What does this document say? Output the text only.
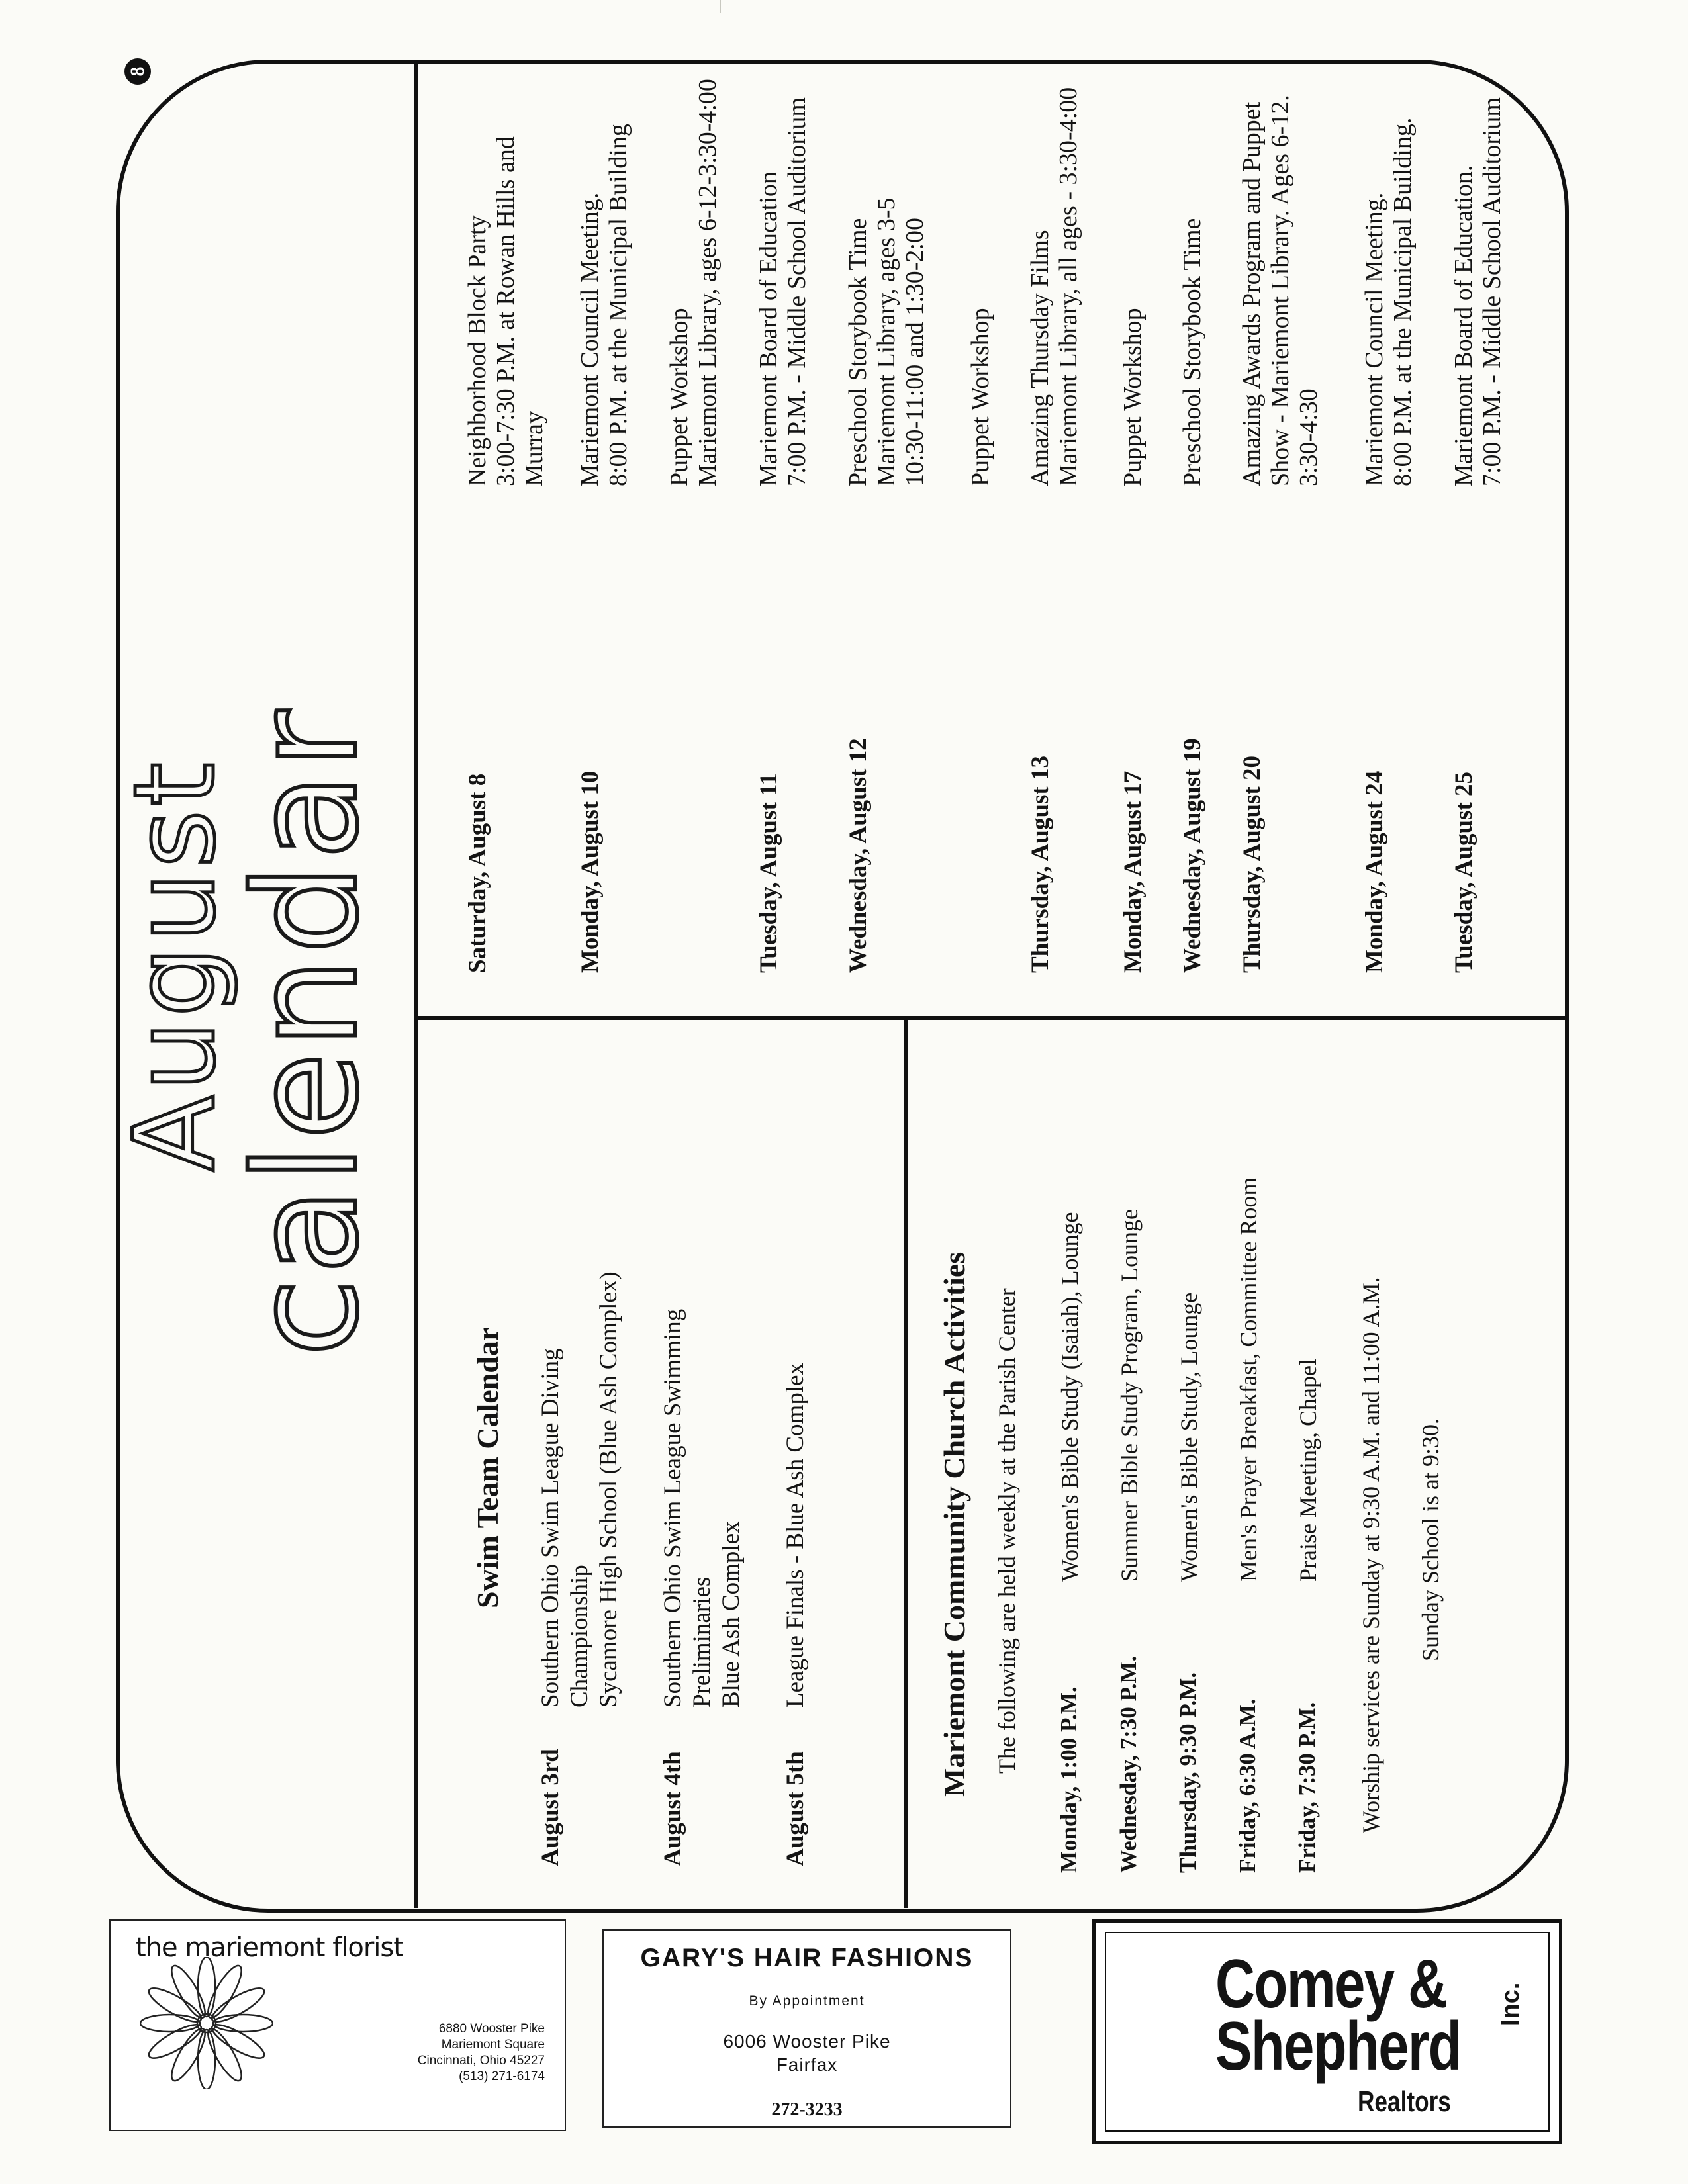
8
August
calendar	Saturday, August 8
Neighborhood Block Party 3:00-7:30 P.M. at Rowan Hills and Murray
Monday, August 10
Mariemont Council Meeting. 8:00 P.M. at the Municipal Building Puppet Workshop Mariemont Library, ages 6-12-3:30-4:00
Tuesday, August 11
Mariemont Board of Education 7:00 P.M. - Middle School Auditorium
Wednesday, August 12
Preschool Storybook Time Mariemont Library, ages 3-5 10:30-11:00 and 1:30-2:00 Puppet Workshop
Thursday, August 13
Amazing Thursday Films Mariemont Library, all ages - 3:30-4:00
Monday, August 17
Puppet Workshop
Wednesday, August 19
Preschool Storybook Time
Thursday, August 20
Amazing Awards Program and Puppet Show - Mariemont Library. Ages 6-12. 3:30-4:30
Monday, August 24
Mariemont Council Meeting. 8:00 P.M. at the Municipal Building.
Tuesday, August 25
Mariemont Board of Education. 7:00 P.M. - Middle School Auditorium
Swim Team Calendar
August 3rd
Southern Ohio Swim League Diving Championship Sycamore High School (Blue Ash Complex)
August 4th
Southern Ohio Swim League Swimming Preliminaries Blue Ash Complex
August 5th
League Finals - Blue Ash Complex	Mariemont Community Church Activities The following are held weekly at the Parish Center
Monday, 1:00 P.M.
Women's Bible Study (Isaiah), Lounge
Wednesday, 7:30 P.M.
Summer Bible Study Program, Lounge
Thursday, 9:30 P.M.
Women's Bible Study, Lounge
Friday, 6:30 A.M.
Men's Prayer Breakfast, Committee Room
Friday, 7:30 P.M.
Praise Meeting, Chapel Worship services are Sunday at 9:30 A.M. and 11:00 A.M. Sunday School is at 9:30.
the mariemont florist
6880 Wooster Pike
Mariemont Square
Cincinnati, Ohio 45227
(513) 271-6174
GARY'S HAIR FASHIONS
By Appointment
6006 Wooster Pike
Fairfax
272-3233
Comey &
Shepherd
Inc.
Realtors
